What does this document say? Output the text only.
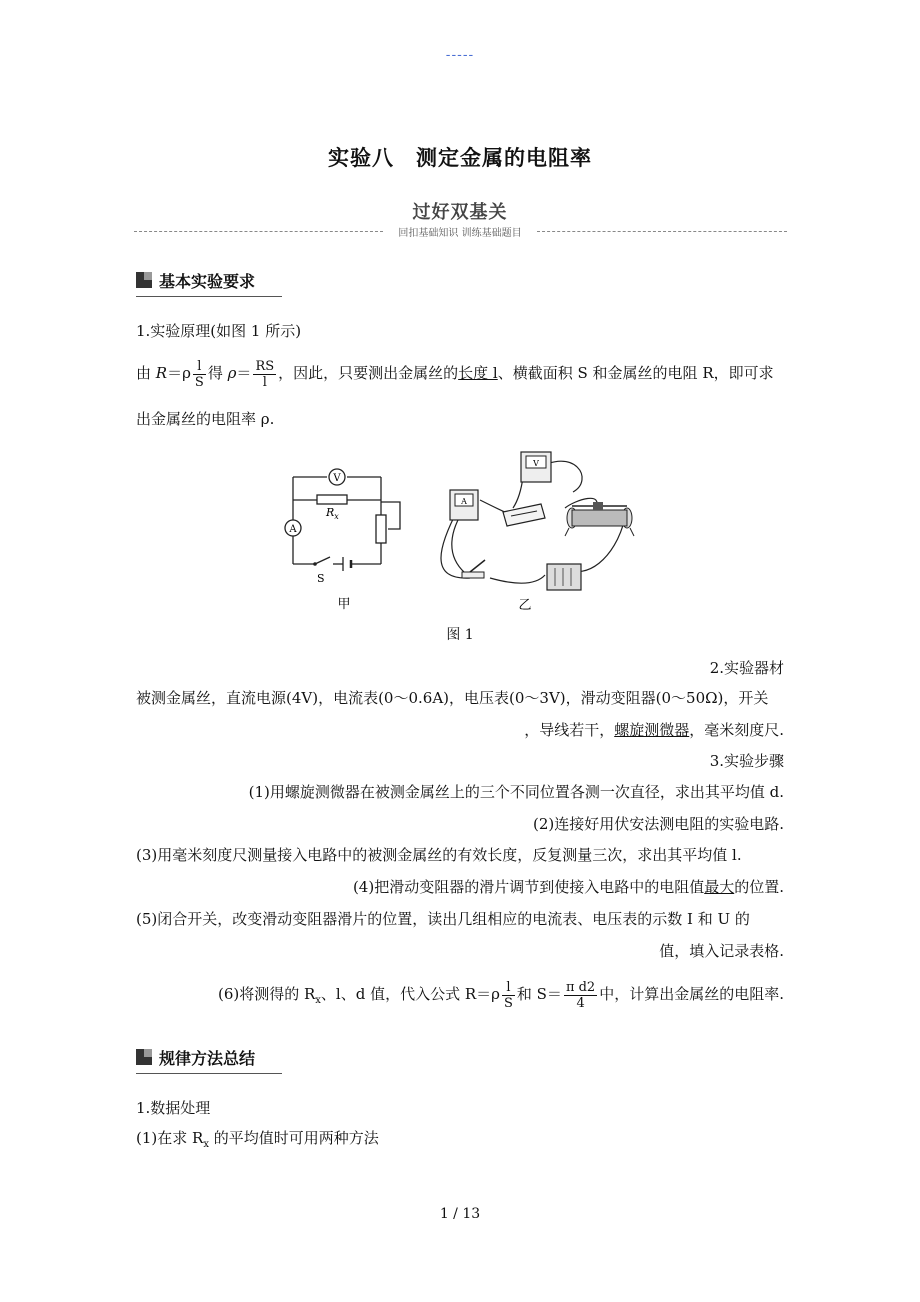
-----
实验八 测定金属的电阻率
过好双基关
回扣基础知识 训练基础题目
基本实验要求
1.实验原理(如图 1 所示)
由 $R=\rho \frac{l}{S}$ 得 $\rho= \frac{RS}{l}$ ，因此，只要测出金属丝的长度 l、横截面积 S 和金属丝的电阻 R，即可求
出金属丝的电阻率 ρ.
V
A
$R_x$
S
A
V
甲	乙
图 1
2.实验器材
被测金属丝，直流电源(4V)，电流表(0～0.6A)，电压表(0～3V)，滑动变阻器(0～50Ω)，开关
，导线若干，螺旋测微器，毫米刻度尺.
3.实验步骤
(1)用螺旋测微器在被测金属丝上的三个不同位置各测一次直径，求出其平均值 d.
(2)连接好用伏安法测电阻的实验电路.
(3)用毫米刻度尺测量接入电路中的被测金属丝的有效长度，反复测量三次，求出其平均值 l.
(4)把滑动变阻器的滑片调节到使接入电路中的电阻值最大的位置.
(5)闭合开关，改变滑动变阻器滑片的位置，读出几组相应的电流表、电压表的示数 I 和 U 的
值，填入记录表格.
(6)将测得的 $R_x$、l、d 值，代入公式 $R=\rho \frac{l}{S}$ 和 $S= \frac{\text{π d2}}{4}$ 中，计算出金属丝的电阻率.
规律方法总结
1.数据处理
(1)在求 $R_x$ 的平均值时可用两种方法
1 / 13
